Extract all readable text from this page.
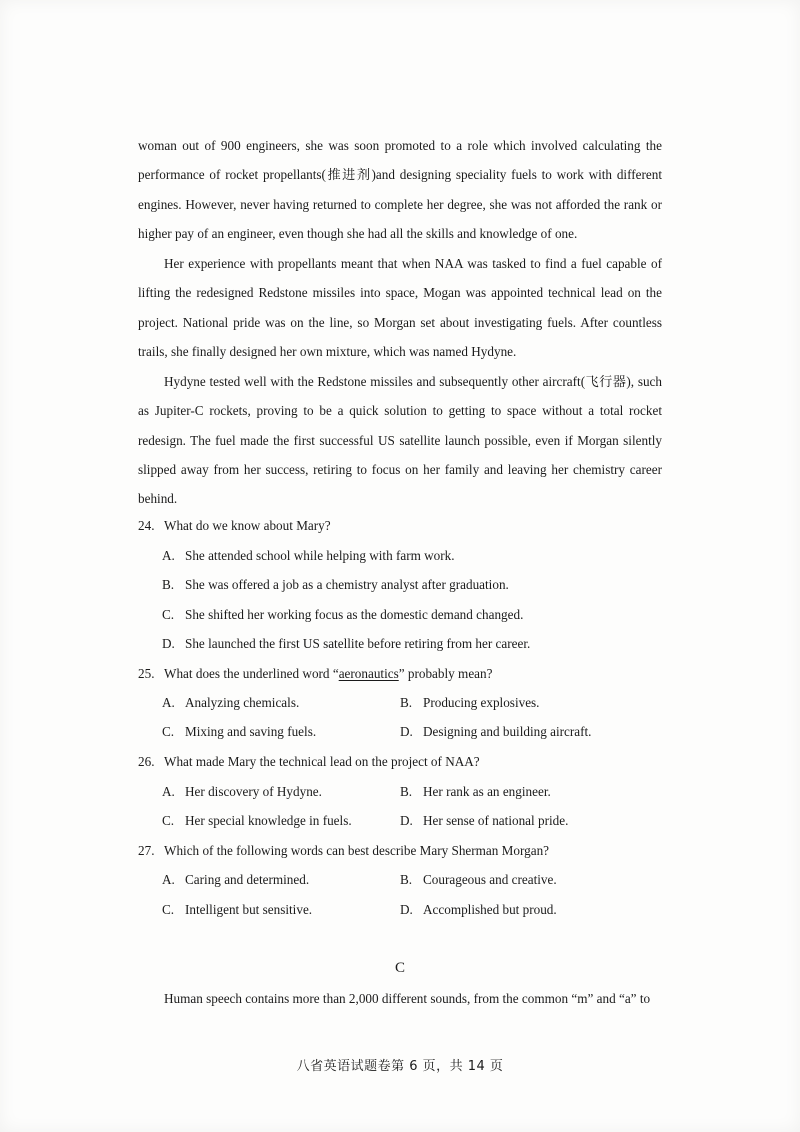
woman out of 900 engineers, she was soon promoted to a role which involved calculating the performance of rocket propellants(推进剂)and designing speciality fuels to work with different engines. However, never having returned to complete her degree, she was not afforded the rank or higher pay of an engineer, even though she had all the skills and knowledge of one.

Her experience with propellants meant that when NAA was tasked to find a fuel capable of lifting the redesigned Redstone missiles into space, Mogan was appointed technical lead on the project. National pride was on the line, so Morgan set about investigating fuels. After countless trails, she finally designed her own mixture, which was named Hydyne.

Hydyne tested well with the Redstone missiles and subsequently other aircraft(飞行器), such as Jupiter-C rockets, proving to be a quick solution to getting to space without a total rocket redesign. The fuel made the first successful US satellite launch possible, even if Morgan silently slipped away from her success, retiring to focus on her family and leaving her chemistry career behind.

24. What do we know about Mary?
A. She attended school while helping with farm work.
B. She was offered a job as a chemistry analyst after graduation.
C. She shifted her working focus as the domestic demand changed.
D. She launched the first US satellite before retiring from her career.
25. What does the underlined word “aeronautics” probably mean?
A. Analyzing chemicals.	B. Producing explosives.
C. Mixing and saving fuels.	D. Designing and building aircraft.
26. What made Mary the technical lead on the project of NAA?
A. Her discovery of Hydyne.	B. Her rank as an engineer.
C. Her special knowledge in fuels.	D. Her sense of national pride.
27. Which of the following words can best describe Mary Sherman Morgan?
A. Caring and determined.	B. Courageous and creative.
C. Intelligent but sensitive.	D. Accomplished but proud.
C
Human speech contains more than 2,000 different sounds, from the common “m” and “a” to
八省英语试题卷第 6 页，共 14 页
